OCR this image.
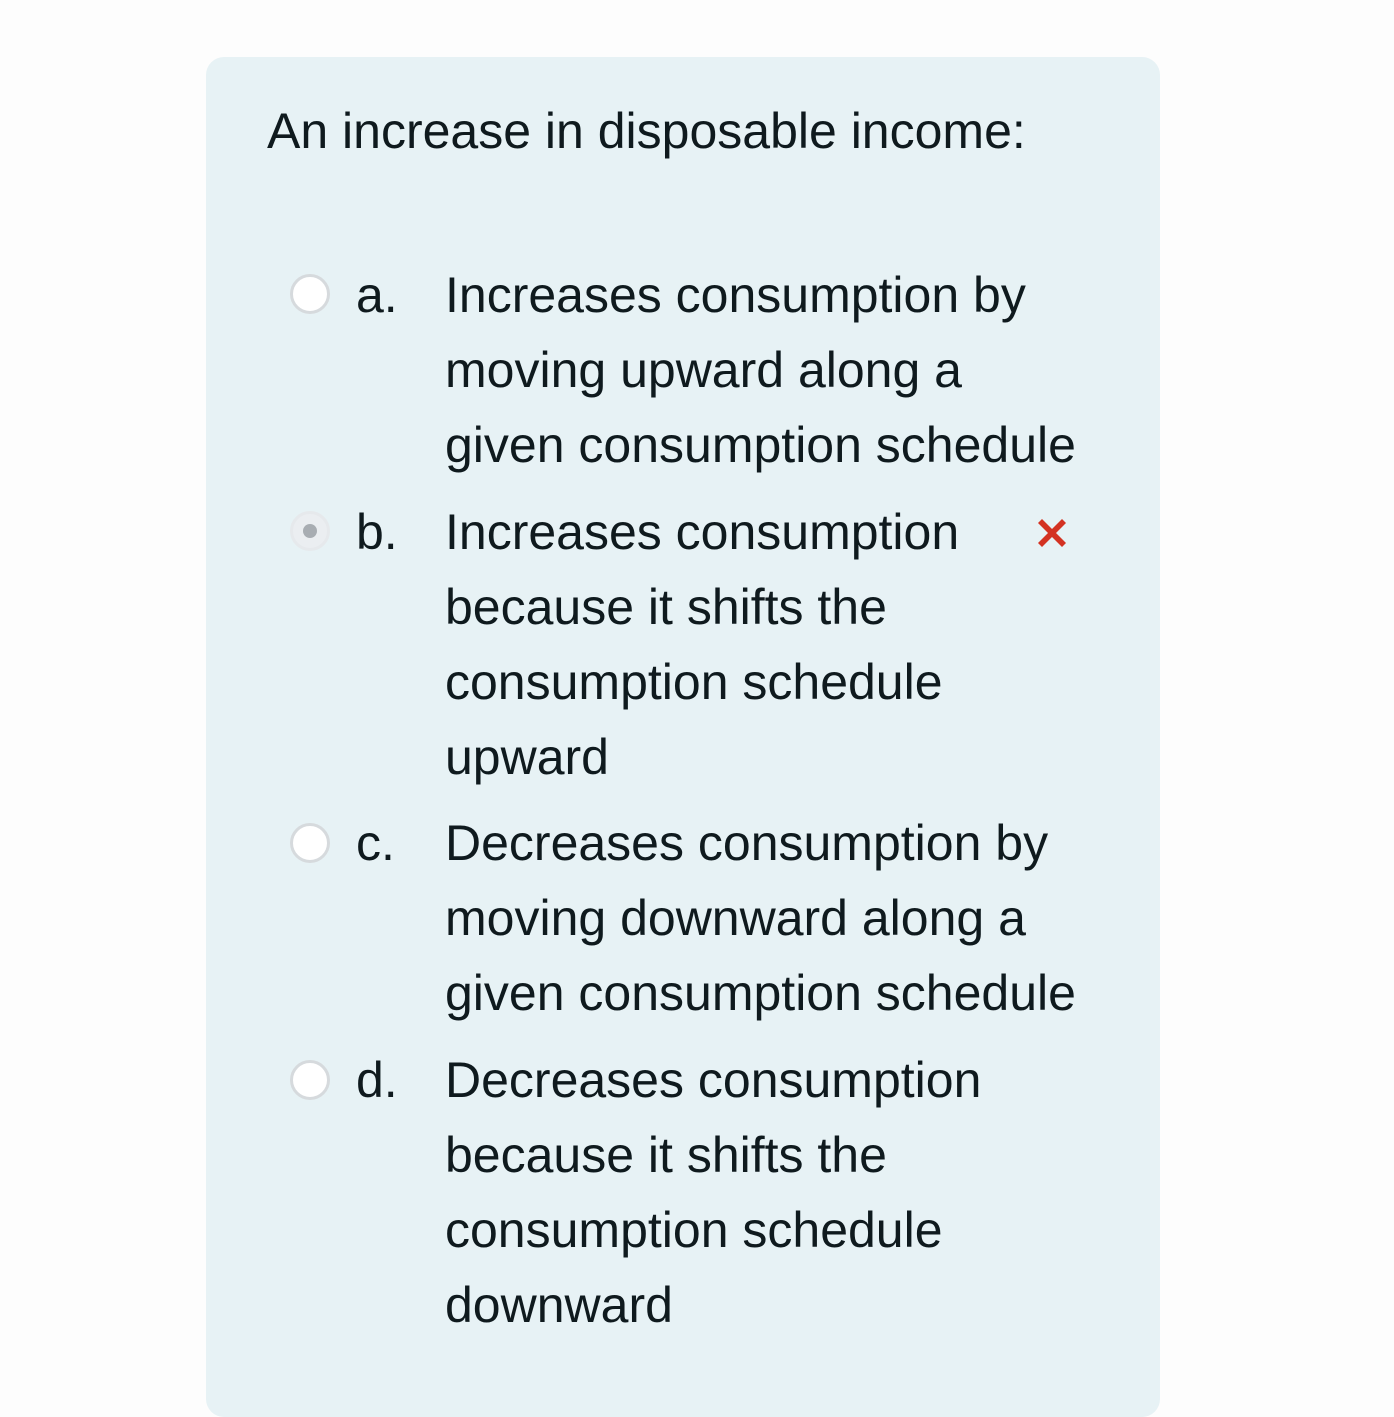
An increase in disposable income:
a. Increases consumption by
moving upward along a
given consumption schedule
b. Increases consumption
because it shifts the
consumption schedule
upward
c. Decreases consumption by
moving downward along a
given consumption schedule
d. Decreases consumption
because it shifts the
consumption schedule
downward
